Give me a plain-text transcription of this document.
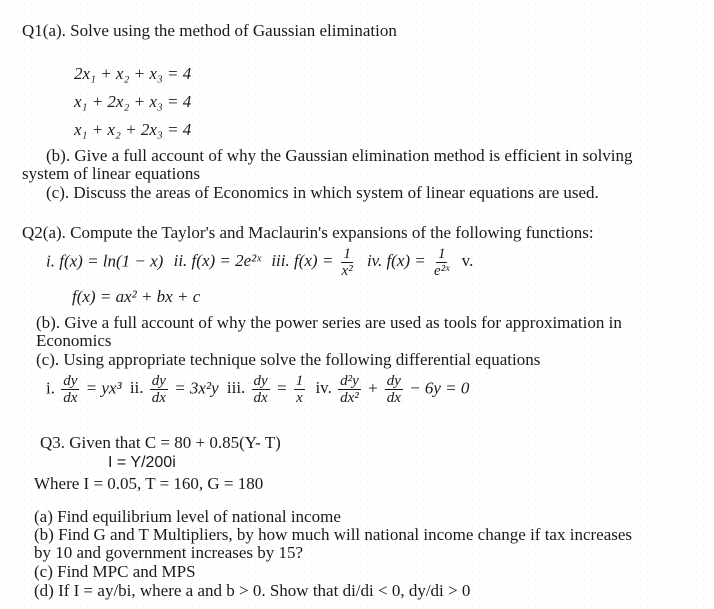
Q1(a). Solve using the method of Gaussian elimination
2x₁ + x₂ + x₃ = 4
x₁ + 2x₂ + x₃ = 4
x₁ + x₂ + 2x₃ = 4
(b). Give a full account of why the Gaussian elimination method is efficient in solving
system of linear equations
(c). Discuss the areas of Economics in which system of linear equations are used.
Q2(a). Compute the Taylor's and Maclaurin's expansions of the following functions:
i. f(x) = ln(1 − x) ii. f(x) = 2e²ˣ iii. $f(x) = \frac{1}{\text{x²}}$ iv. $f(x) = \frac{1}{\text{e²ˣ}} v$.
f(x) = ax² + bx + c
(b). Give a full account of why the power series are used as tools for approximation in
Economics
(c). Using appropriate technique solve the following differential equations
i. $\frac{dy}{dx} = yx^3$ ii. $\frac{dy}{dx} = 3x^2y$ iii. $\frac{dy}{dx} = \frac{1}{x}$ iv. $\frac{\text{d²y}}{\text{dx²}} + \frac{dy}{dx} - 6y = 0$
Q3. Given that C = 80 + 0.85(Y- T)
I = Y/200i
Where I = 0.05, T = 160, G = 180
(a) Find equilibrium level of national income
(b) Find G and T Multipliers, by how much will national income change if tax increases
by 10 and government increases by 15?
(c) Find MPC and MPS
(d) If I = ay/bi, where a and b > 0. Show that di/di < 0, dy/di > 0
